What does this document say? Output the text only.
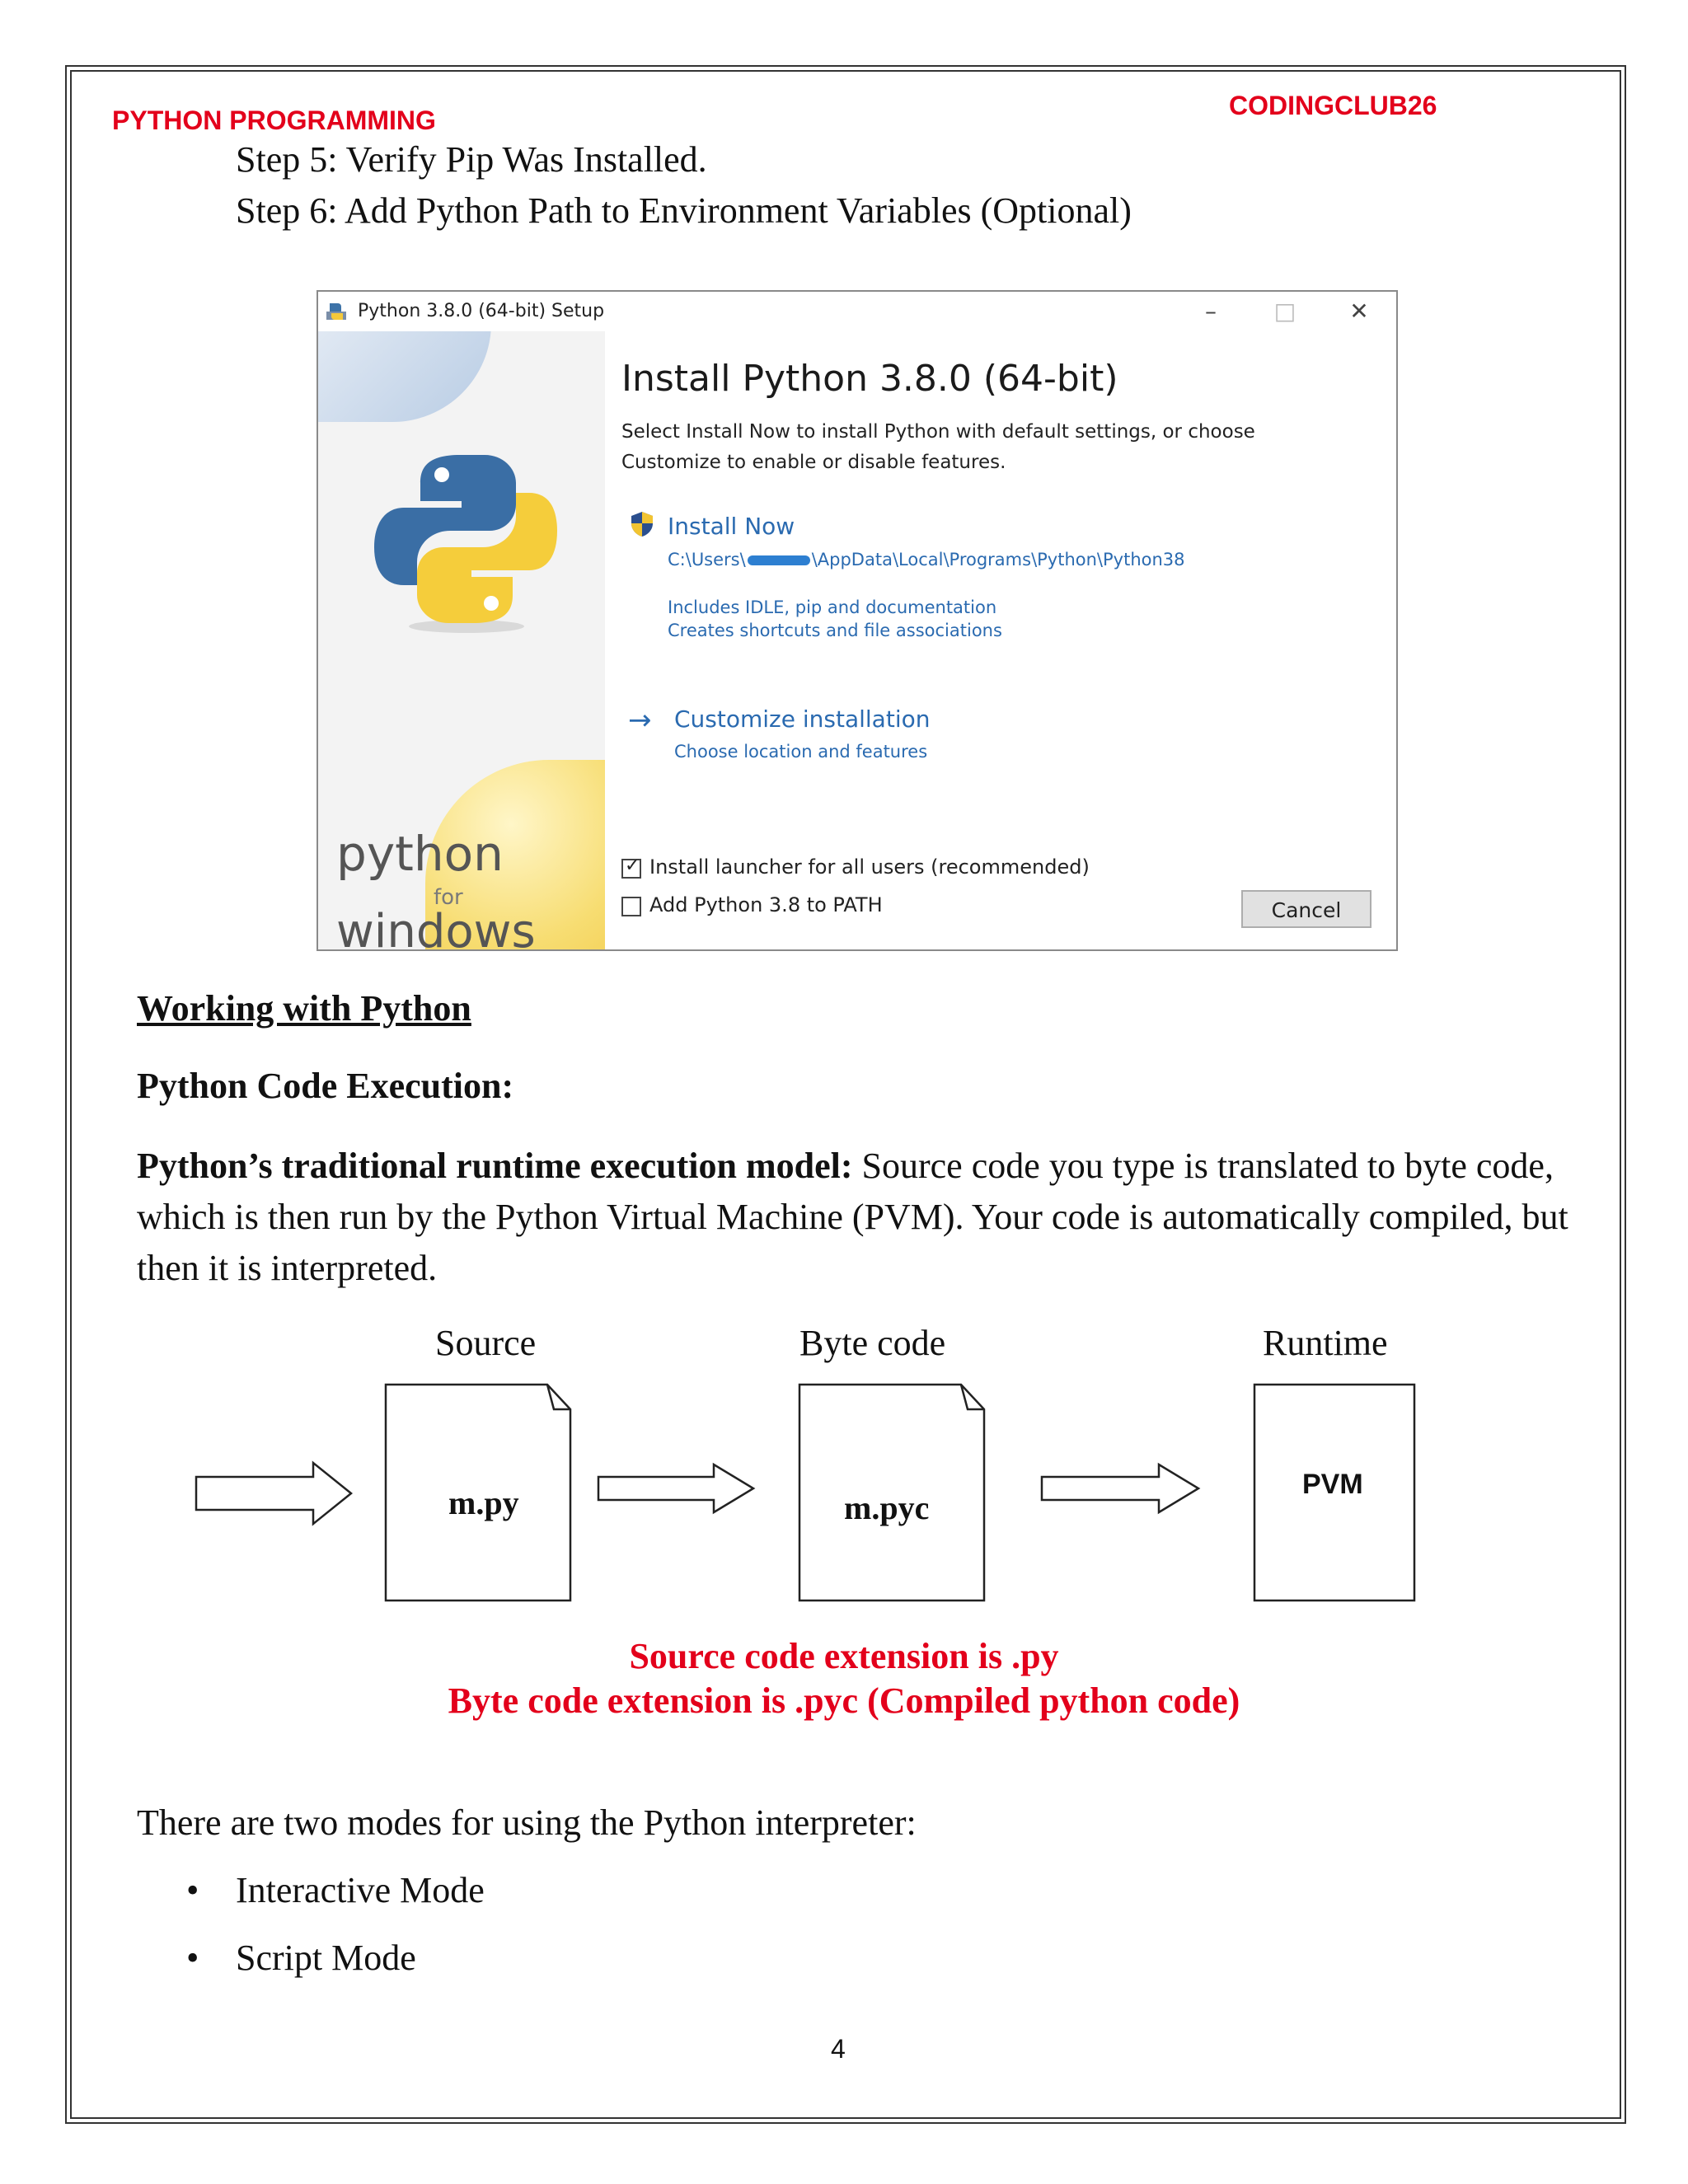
PYTHON PROGRAMMING	CODINGCLUB26
Step 5: Verify Pip Was Installed.
Step 6: Add Python Path to Environment Variables (Optional)
Python 3.8.0 (64-bit) Setup	–	□	✕
python
for
windows
Install Python 3.8.0 (64-bit)
Select Install Now to install Python with default settings, or choose
Customize to enable or disable features.
Install Now
C:\Users\	\AppData\Local\Programs\Python\Python38
Includes IDLE, pip and documentation
Creates shortcuts and file associations
→ Customize installation
Choose location and features
✓ Install launcher for all users (recommended)
Add Python 3.8 to PATH	Cancel
Working with Python
Python Code Execution:
Python’s traditional runtime execution model: Source code you type is translated to byte code, which is then run by the Python Virtual Machine (PVM). Your code is automatically compiled, but then it is interpreted.
Source	Byte code	Runtime
m.py	m.pyc
PVM
Source code extension is .py
Byte code extension is .pyc (Compiled python code)
There are two modes for using the Python interpreter:
• Interactive Mode
• Script Mode
4
